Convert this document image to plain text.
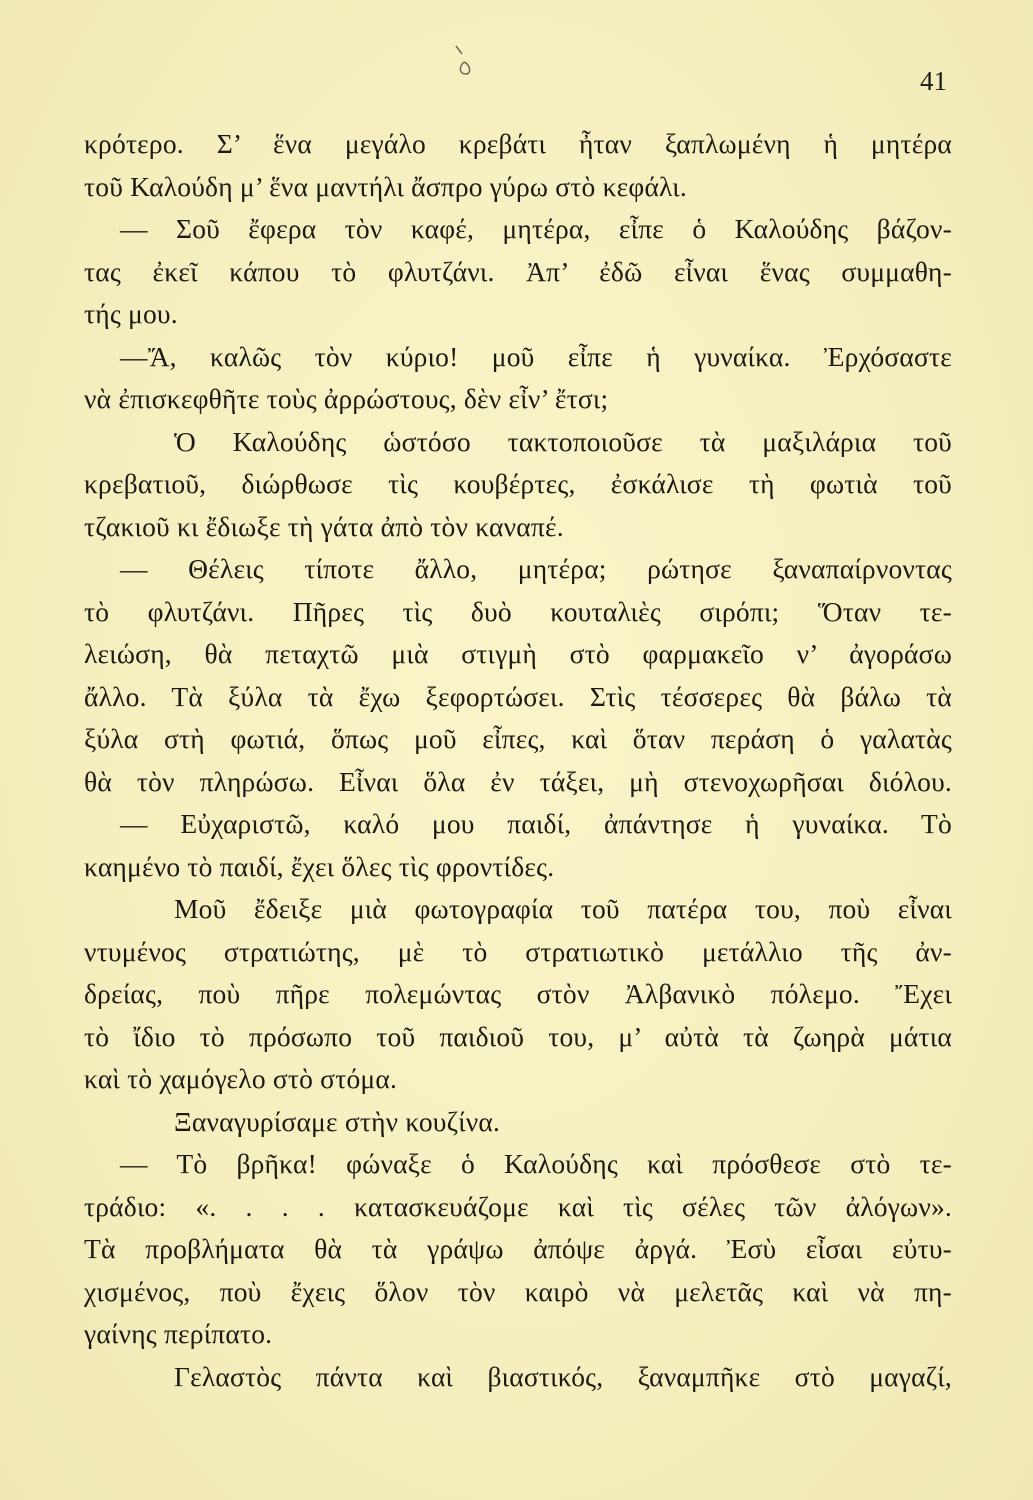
41
κρότερο. Σ’ ἕνα μεγάλο κρεβάτι ἦταν ξαπλωμένη ἡ μητέρα
τοῦ Καλούδη μ’ ἕνα μαντήλι ἄσπρο γύρω στὸ κεφάλι.
— Σοῦ ἔφερα τὸν καφέ, μητέρα, εἶπε ὁ Καλούδης βάζον-
τας ἐκεῖ κάπου τὸ φλυτζάνι. Ἀπ’ ἐδῶ εἶναι ἕνας συμμαθη-
τής μου.
—Ἄ, καλῶς τὸν κύριο! μοῦ εἶπε ἡ γυναίκα. Ἐρχόσαστε
νὰ ἐπισκεφθῆτε τοὺς ἀρρώστους, δὲν εἶν’ ἔτσι;
Ὁ Καλούδης ὡστόσο τακτοποιοῦσε τὰ μαξιλάρια τοῦ
κρεβατιοῦ, διώρθωσε τὶς κουβέρτες, ἐσκάλισε τὴ φωτιὰ τοῦ
τζακιοῦ κι ἔδιωξε τὴ γάτα ἀπὸ τὸν καναπέ.
— Θέλεις τίποτε ἄλλο, μητέρα; ρώτησε ξαναπαίρνοντας
τὸ φλυτζάνι. Πῆρες τὶς δυὸ κουταλιὲς σιρόπι; Ὅταν τε-
λειώση, θὰ πεταχτῶ μιὰ στιγμὴ στὸ φαρμακεῖο ν’ ἀγοράσω
ἄλλο. Τὰ ξύλα τὰ ἔχω ξεφορτώσει. Στὶς τέσσερες θὰ βάλω τὰ
ξύλα στὴ φωτιά, ὅπως μοῦ εἶπες, καὶ ὅταν περάση ὁ γαλατὰς
θὰ τὸν πληρώσω. Εἶναι ὅλα ἐν τάξει, μὴ στενοχωρῆσαι διόλου.
— Εὐχαριστῶ, καλό μου παιδί, ἀπάντησε ἡ γυναίκα. Τὸ
καημένο τὸ παιδί, ἔχει ὅλες τὶς φροντίδες.
Μοῦ ἔδειξε μιὰ φωτογραφία τοῦ πατέρα του, ποὺ εἶναι
ντυμένος στρατιώτης, μὲ τὸ στρατιωτικὸ μετάλλιο τῆς ἀν-
δρείας, ποὺ πῆρε πολεμώντας στὸν Ἀλβανικὸ πόλεμο. Ἔχει
τὸ ἴδιο τὸ πρόσωπο τοῦ παιδιοῦ του, μ’ αὐτὰ τὰ ζωηρὰ μάτια
καὶ τὸ χαμόγελο στὸ στόμα.
Ξαναγυρίσαμε στὴν κουζίνα.
— Τὸ βρῆκα! φώναξε ὁ Καλούδης καὶ πρόσθεσε στὸ τε-
τράδιο: «. . . . κατασκευάζομε καὶ τὶς σέλες τῶν ἀλόγων».
Τὰ προβλήματα θὰ τὰ γράψω ἀπόψε ἀργά. Ἐσὺ εἶσαι εὐτυ-
χισμένος, ποὺ ἔχεις ὅλον τὸν καιρὸ νὰ μελετᾶς καὶ νὰ πη-
γαίνης περίπατο.
Γελαστὸς πάντα καὶ βιαστικός, ξαναμπῆκε στὸ μαγαζί,
